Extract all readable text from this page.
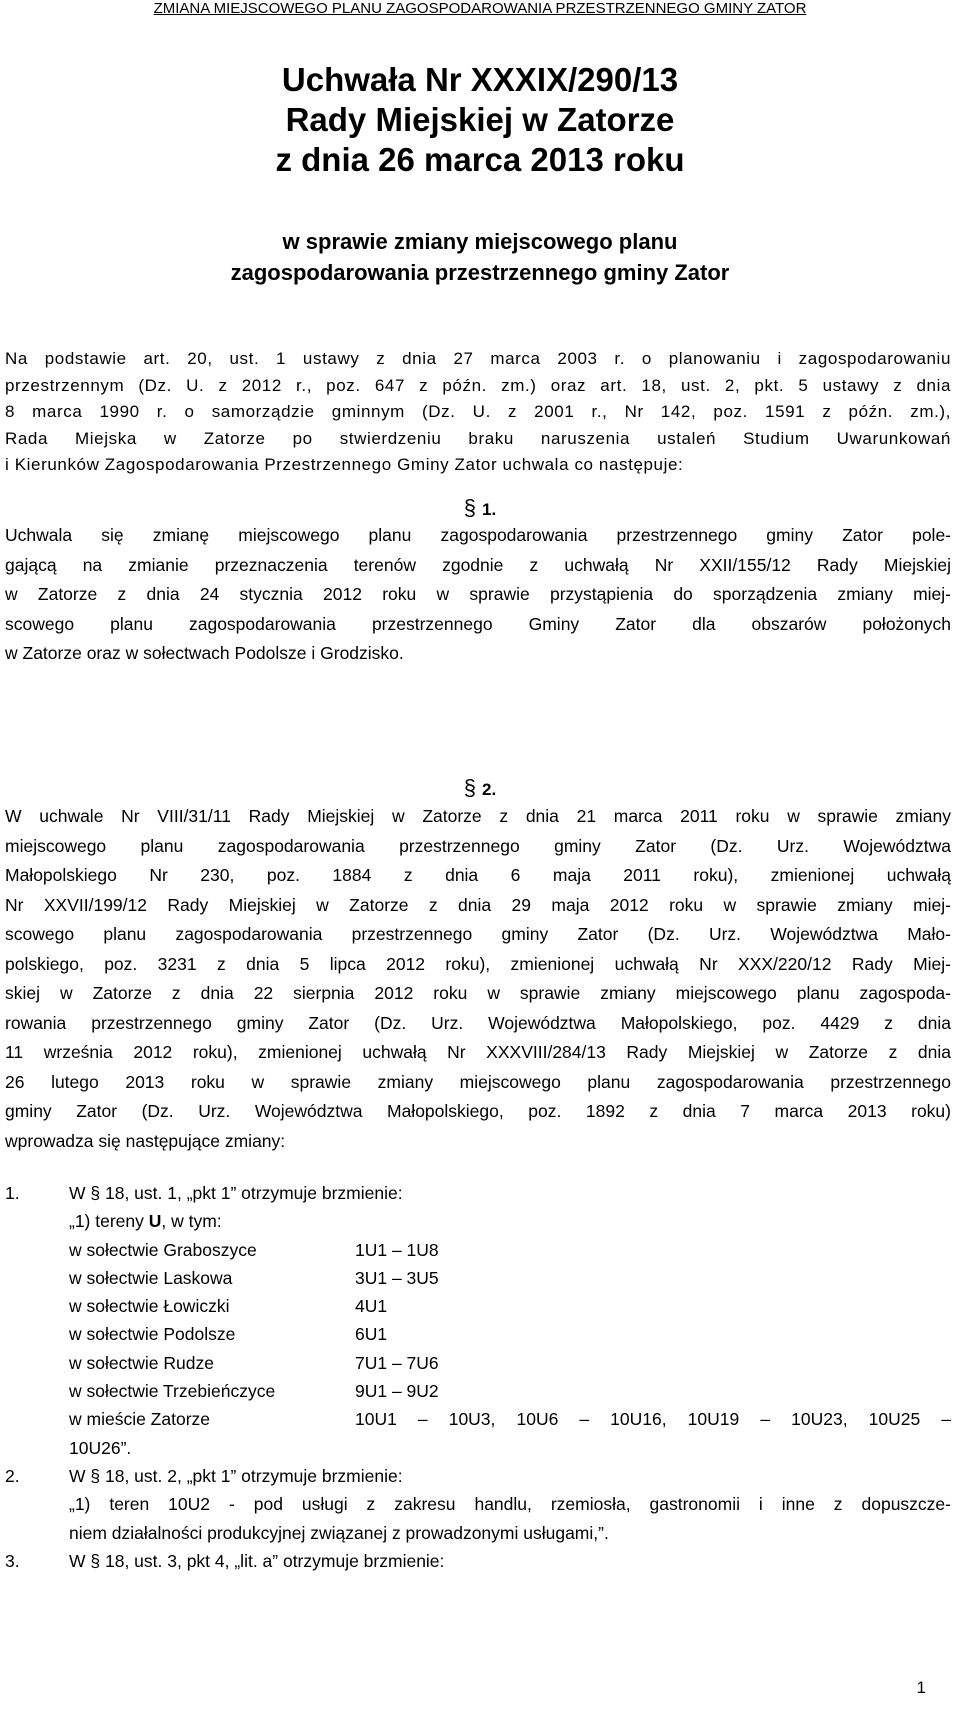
ZMIANA MIEJSCOWEGO PLANU ZAGOSPODAROWANIA PRZESTRZENNEGO GMINY ZATOR
Uchwała Nr XXXIX/290/13
Rady Miejskiej w Zatorze
z dnia 26 marca 2013 roku
w sprawie zmiany miejscowego planu
zagospodarowania przestrzennego gminy Zator
Na podstawie art. 20, ust. 1 ustawy z dnia 27 marca 2003 r. o planowaniu i zagospodarowaniu
przestrzennym (Dz. U. z 2012 r., poz. 647 z późn. zm.) oraz art. 18, ust. 2, pkt. 5 ustawy z dnia
8 marca 1990 r. o samorządzie gminnym (Dz. U. z 2001 r., Nr 142, poz. 1591 z późn. zm.),
Rada Miejska w Zatorze po stwierdzeniu braku naruszenia ustaleń Studium Uwarunkowań
i Kierunków Zagospodarowania Przestrzennego Gminy Zator uchwala co następuje:
§ 1.
Uchwala się zmianę miejscowego planu zagospodarowania przestrzennego gminy Zator pole-
gającą na zmianie przeznaczenia terenów zgodnie z uchwałą Nr XXII/155/12 Rady Miejskiej
w Zatorze z dnia 24 stycznia 2012 roku w sprawie przystąpienia do sporządzenia zmiany miej-
scowego planu zagospodarowania przestrzennego Gminy Zator dla obszarów położonych
w Zatorze oraz w sołectwach Podolsze i Grodzisko.
§ 2.
W uchwale Nr VIII/31/11 Rady Miejskiej w Zatorze z dnia 21 marca 2011 roku w sprawie zmiany
miejscowego planu zagospodarowania przestrzennego gminy Zator (Dz. Urz. Województwa
Małopolskiego Nr 230, poz. 1884 z dnia 6 maja 2011 roku), zmienionej uchwałą
Nr XXVII/199/12 Rady Miejskiej w Zatorze z dnia 29 maja 2012 roku w sprawie zmiany miej-
scowego planu zagospodarowania przestrzennego gminy Zator (Dz. Urz. Województwa Mało-
polskiego, poz. 3231 z dnia 5 lipca 2012 roku), zmienionej uchwałą Nr XXX/220/12 Rady Miej-
skiej w Zatorze z dnia 22 sierpnia 2012 roku w sprawie zmiany miejscowego planu zagospoda-
rowania przestrzennego gminy Zator (Dz. Urz. Województwa Małopolskiego, poz. 4429 z dnia
11 września 2012 roku), zmienionej uchwałą Nr XXXVIII/284/13 Rady Miejskiej w Zatorze z dnia
26 lutego 2013 roku w sprawie zmiany miejscowego planu zagospodarowania przestrzennego
gminy Zator (Dz. Urz. Województwa Małopolskiego, poz. 1892 z dnia 7 marca 2013 roku)
wprowadza się następujące zmiany:
1.	W § 18, ust. 1, „pkt 1” otrzymuje brzmienie:
„1) tereny U, w tym:
w sołectwie Graboszyce	1U1 – 1U8
w sołectwie Laskowa	3U1 – 3U5
w sołectwie Łowiczki	4U1
w sołectwie Podolsze	6U1
w sołectwie Rudze	7U1 – 7U6
w sołectwie Trzebieńczyce	9U1 – 9U2
w mieście Zatorze	10U1 – 10U3, 10U6 – 10U16, 10U19 – 10U23, 10U25 –
10U26”.
2.	W § 18, ust. 2, „pkt 1” otrzymuje brzmienie:
„1) teren 10U2 - pod usługi z zakresu handlu, rzemiosła, gastronomii i inne z dopuszcze-
niem działalności produkcyjnej związanej z prowadzonymi usługami,”.
3.	W § 18, ust. 3, pkt 4, „lit. a” otrzymuje brzmienie:
1
